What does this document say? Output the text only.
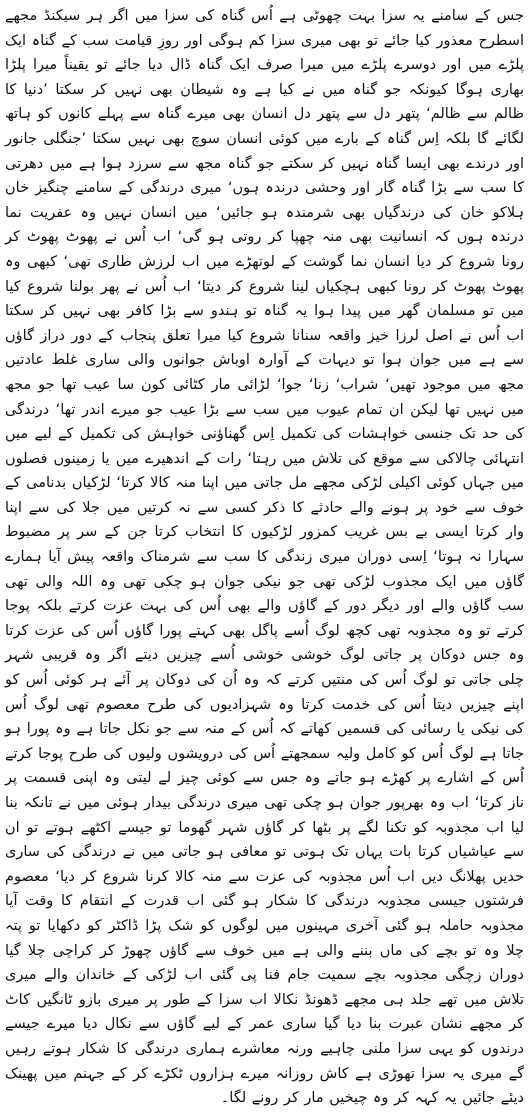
جس کے سامنے یہ سزا بہت چھوٹی ہے اُس گناہ کی سزا میں اگر ہر سیکنڈ مجھے اسطرح معذور کیا جائے تو بھی میری سزا کم ہوگی اور روزِ قیامت سب کے گناہ ایک پلڑے میں اور دوسرے پلڑے میں میرا صرف ایک گناہ ڈال دیا جائے تو یقیناً میرا پلڑا بھاری ہوگا کیونکہ جو گناہ میں نے کیا ہے وہ شیطان بھی نہیں کر سکتا ’دنیا کا ظالم سے ظالم‘ پتھر دل سے پتھر دل انسان بھی میرے گناہ سے پہلے کانوں کو ہاتھ لگائے گا بلکہ اِس گناہ کے بارے میں کوئی انسان سوچ بھی نہیں سکتا ’جنگلی جانور اور درندے بھی ایسا گناہ نہیں کر سکتے جو گناہ مجھ سے سرزد ہوا ہے میں دھرتی کا سب سے بڑا گناہ گار اور وحشی درندہ ہوں‘ میری درندگی کے سامنے چنگیز خان ہلاکو خان کی درندگیاں بھی شرمندہ ہو جائیں‘ میں انسان نہیں وہ عفریت نما درندہ ہوں کہ انسانیت بھی منہ چھپا کر روتی ہو گی‘ اب اُس نے پھوٹ پھوٹ کر رونا شروع کر دیا انسان نما گوشت کے لوتھڑے میں اب لرزش طاری تھی‘ کبھی وہ پھوٹ پھوٹ کر رونا کبھی ہچکیاں لینا شروع کر دیتا‘ اب اُس نے پھر بولنا شروع کیا میں تو مسلمان گھر میں پیدا ہوا یہ گناہ تو ہندو سے بڑا کافر بھی نہیں کر سکتا اب اُس نے اصل لرزا خیز واقعہ سنانا شروع کیا میرا تعلق پنجاب کے دور دراز گاؤں سے ہے میں جوان ہوا تو دیہات کے آوارہ اوباش جوانوں والی ساری غلط عادتیں مجھ میں موجود تھیں‘ شراب‘ زنا‘ جوا‘ لڑائی مار کٹائی کون سا عیب تھا جو مجھ میں نہیں تھا لیکن ان تمام عیوب میں سب سے بڑا عیب جو میرے اندر تھا‘ درندگی کی حد تک جنسی خواہشات کی تکمیل اِس گھناؤنی خواہش کی تکمیل کے لیے میں انتہائی چالاکی سے موقع کی تلاش میں رہتا‘ رات کے اندھیرے میں یا زمینوں فصلوں میں جہاں کوئی اکیلی لڑکی مجھے مل جاتی میں اپنا منہ کالا کرتا‘ لڑکیاں بدنامی کے خوف سے خود پر ہونے والے حادثے کا ذکر کسی سے نہ کرتیں میں جلا کی سے اپنا وار کرتا ایسی بے بس غریب کمزور لڑکیوں کا انتخاب کرتا جن کے سر پر مضبوط سہارا نہ ہوتا‘ اِسی دوران میری زندگی کا سب سے شرمناک واقعہ پیش آیا ہمارے گاؤں میں ایک مجذوب لڑکی تھی جو نیکی جوان ہو چکی تھی وہ اللہ والی تھی سب گاؤں والے اور دیگر دور کے گاؤں والے بھی اُس کی بہت عزت کرتے بلکہ پوجا کرتے تو وہ مجذوبہ تھی کچھ لوگ اُسے پاگل بھی کہتے پورا گاؤں اُس کی عزت کرتا وہ جس دوکان پر جاتی لوگ خوشی خوشی اُسے چیزیں دیتے اگر وہ قریبی شہر چلی جاتی تو لوگ اُس کی منتیں کرتے کہ وہ اُن کی دوکان پر آئے ہر کوئی اُس کو اپنے چیزیں دیتا اُس کی خدمت کرتا وہ شہزادیوں کی طرح معصوم تھی لوگ اُس کی نیکی یا رسائی کی قسمیں کھاتے کہ اُس کے منہ سے جو نکل جاتا ہے وہ پورا ہو جاتا ہے لوگ اُس کو کامل ولیہ سمجھتے اُس کی درویشوں ولیوں کی طرح پوجا کرتے اُس کے اشارے پر کھڑے ہو جاتے وہ جس سے کوئی چیز لے لیتی وہ اپنی قسمت پر ناز کرتا‘ اب وہ بھرپور جوان ہو چکی تھی میری درندگی بیدار ہوئی میں نے تانکہ بنا لیا اب مجذوبہ کو تکنا لگے پر بٹھا کر گاؤں شہر گھوما تو جیسے اکٹھے ہوتے تو ان سے عیاشیاں کرتا بات یہاں تک ہوتی تو معافی ہو جاتی میں نے درندگی کی ساری حدیں پھلانگ دیں اب اُس مجذوبہ کی عزت سے منہ کالا کرنا شروع کر دیا‘ معصوم فرشتوں جیسی مجذوبہ درندگی کا شکار ہو گئی اب قدرت کے انتقام کا وقت آیا مجذوبہ حاملہ ہو گئی آخری مہینوں میں لوگوں کو شک پڑا ڈاکٹر کو دکھایا تو پتہ چلا وہ تو بچے کی ماں بننے والی ہے میں خوف سے گاؤں چھوڑ کر کراچی چلا گیا دوران زچگی مجذوبہ بچے سمیت جام فنا پی گئی اب لڑکی کے خاندان والے میری تلاش میں تھے جلد ہی مجھے ڈھونڈ نکالا اب سزا کے طور پر میری بازو ٹانگیں کاٹ کر مجھے نشان عبرت بنا دیا گیا ساری عمر کے لیے گاؤں سے نکال دیا میرے جیسے درندوں کو یہی سزا ملنی چاہیے ورنہ معاشرے ہماری درندگی کا شکار ہوتے رہیں گے میری یہ سزا تھوڑی ہے کاش روزانہ میرے ہزاروں ٹکڑے کر کے جہنم میں پھینک دیئے جائیں یہ کہہ کر وہ چیخیں مار کر رونے لگا۔
